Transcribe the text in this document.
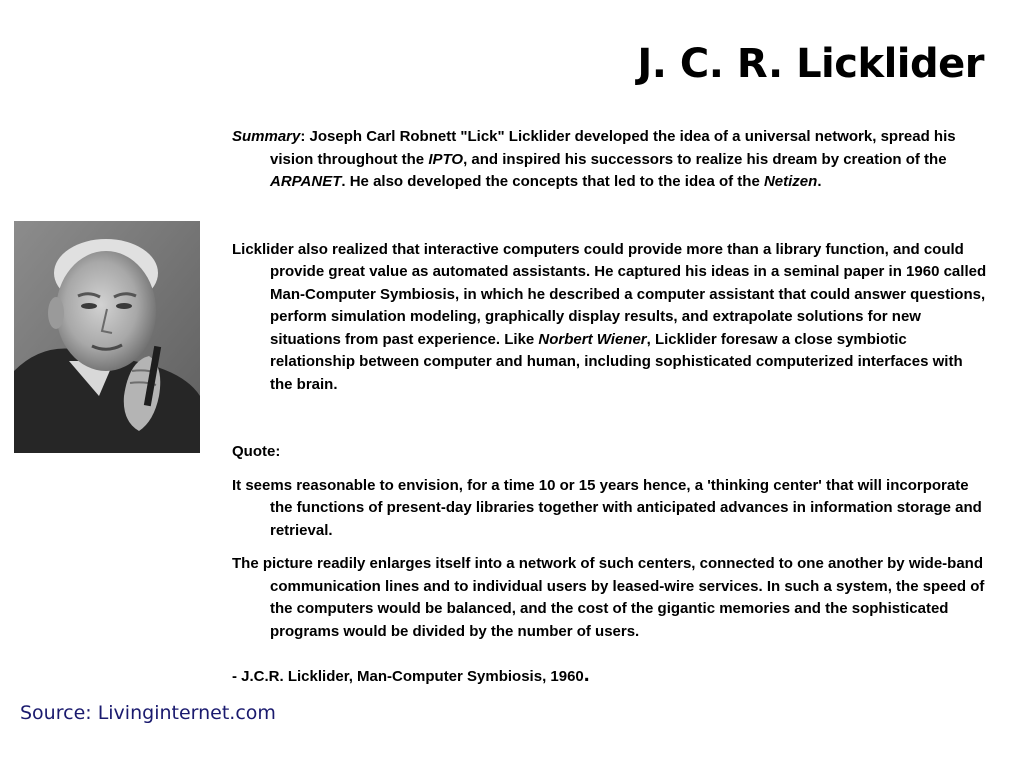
J. C. R. Licklider

Summary: Joseph Carl Robnett "Lick" Licklider developed the idea of a universal network, spread his vision throughout the IPTO, and inspired his successors to realize his dream by creation of the ARPANET. He also developed the concepts that led to the idea of the Netizen.

Licklider also realized that interactive computers could provide more than a library function, and could provide great value as automated assistants. He captured his ideas in a seminal paper in 1960 called Man-Computer Symbiosis, in which he described a computer assistant that could answer questions, perform simulation modeling, graphically display results, and extrapolate solutions for new situations from past experience. Like Norbert Wiener, Licklider foresaw a close symbiotic relationship between computer and human, including sophisticated computerized interfaces with the brain.

Quote:

It seems reasonable to envision, for a time 10 or 15 years hence, a 'thinking center' that will incorporate the functions of present-day libraries together with anticipated advances in information storage and retrieval.

The picture readily enlarges itself into a network of such centers, connected to one another by wide-band communication lines and to individual users by leased-wire services. In such a system, the speed of the computers would be balanced, and the cost of the gigantic memories and the sophisticated programs would be divided by the number of users.

- J.C.R. Licklider, Man-Computer Symbiosis, 1960.

Source: Livinginternet.com
